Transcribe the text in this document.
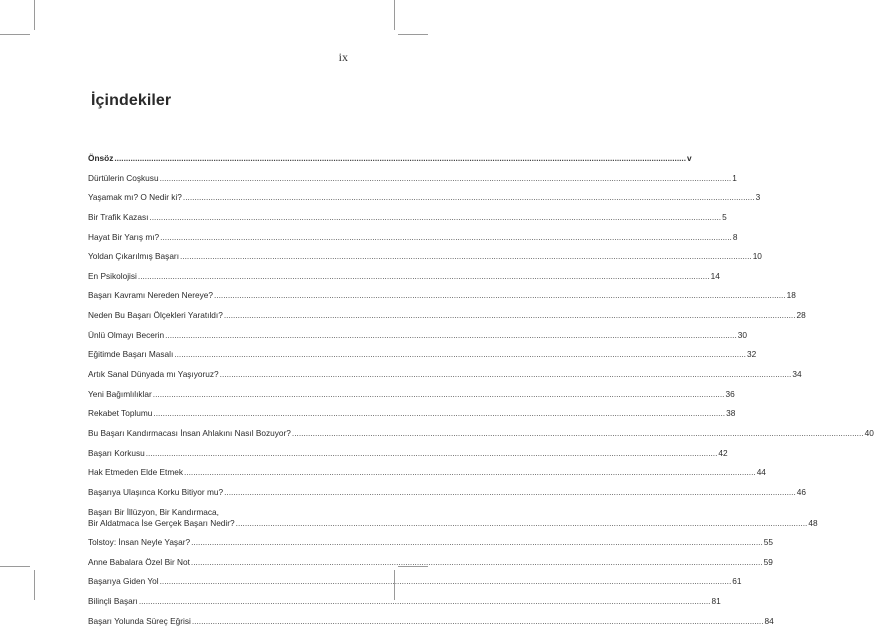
ix
İçindekiler
Önsöz .....	v
Dürtülerin Coşkusu .....	1
Yaşamak mı? O Nedir ki? .....	3
Bir Trafik Kazası .....	5
Hayat Bir Yarış mı? .....	8
Yoldan Çıkarılmış Başarı .....	10
En Psikolojisi .....	14
Başarı Kavramı Nereden Nereye? .....	18
Neden Bu Başarı Ölçekleri Yaratıldı? .....	28
Ünlü Olmayı Becerin .....	30
Eğitimde Başarı Masalı .....	32
Artık Sanal Dünyada mı Yaşıyoruz? .....	34
Yeni Bağımlılıklar .....	36
Rekabet Toplumu .....	38
Bu Başarı Kandırmacası İnsan Ahlakını Nasıl Bozuyor? .....	40
Başarı Korkusu .....	42
Hak Etmeden Elde Etmek .....	44
Başarıya Ulaşınca Korku Bitiyor mu? .....	46
Başarı Bir İllüzyon, Bir Kandırmaca,
Bir Aldatmaca İse Gerçek Başarı Nedir? .....	48
Tolstoy: İnsan Neyle Yaşar? .....	55
Anne Babalara Özel Bir Not .....	59
Başarıya Giden Yol .....	61
Bilinçli Başarı .....	81
Başarı Yolunda Süreç Eğrisi .....	84
